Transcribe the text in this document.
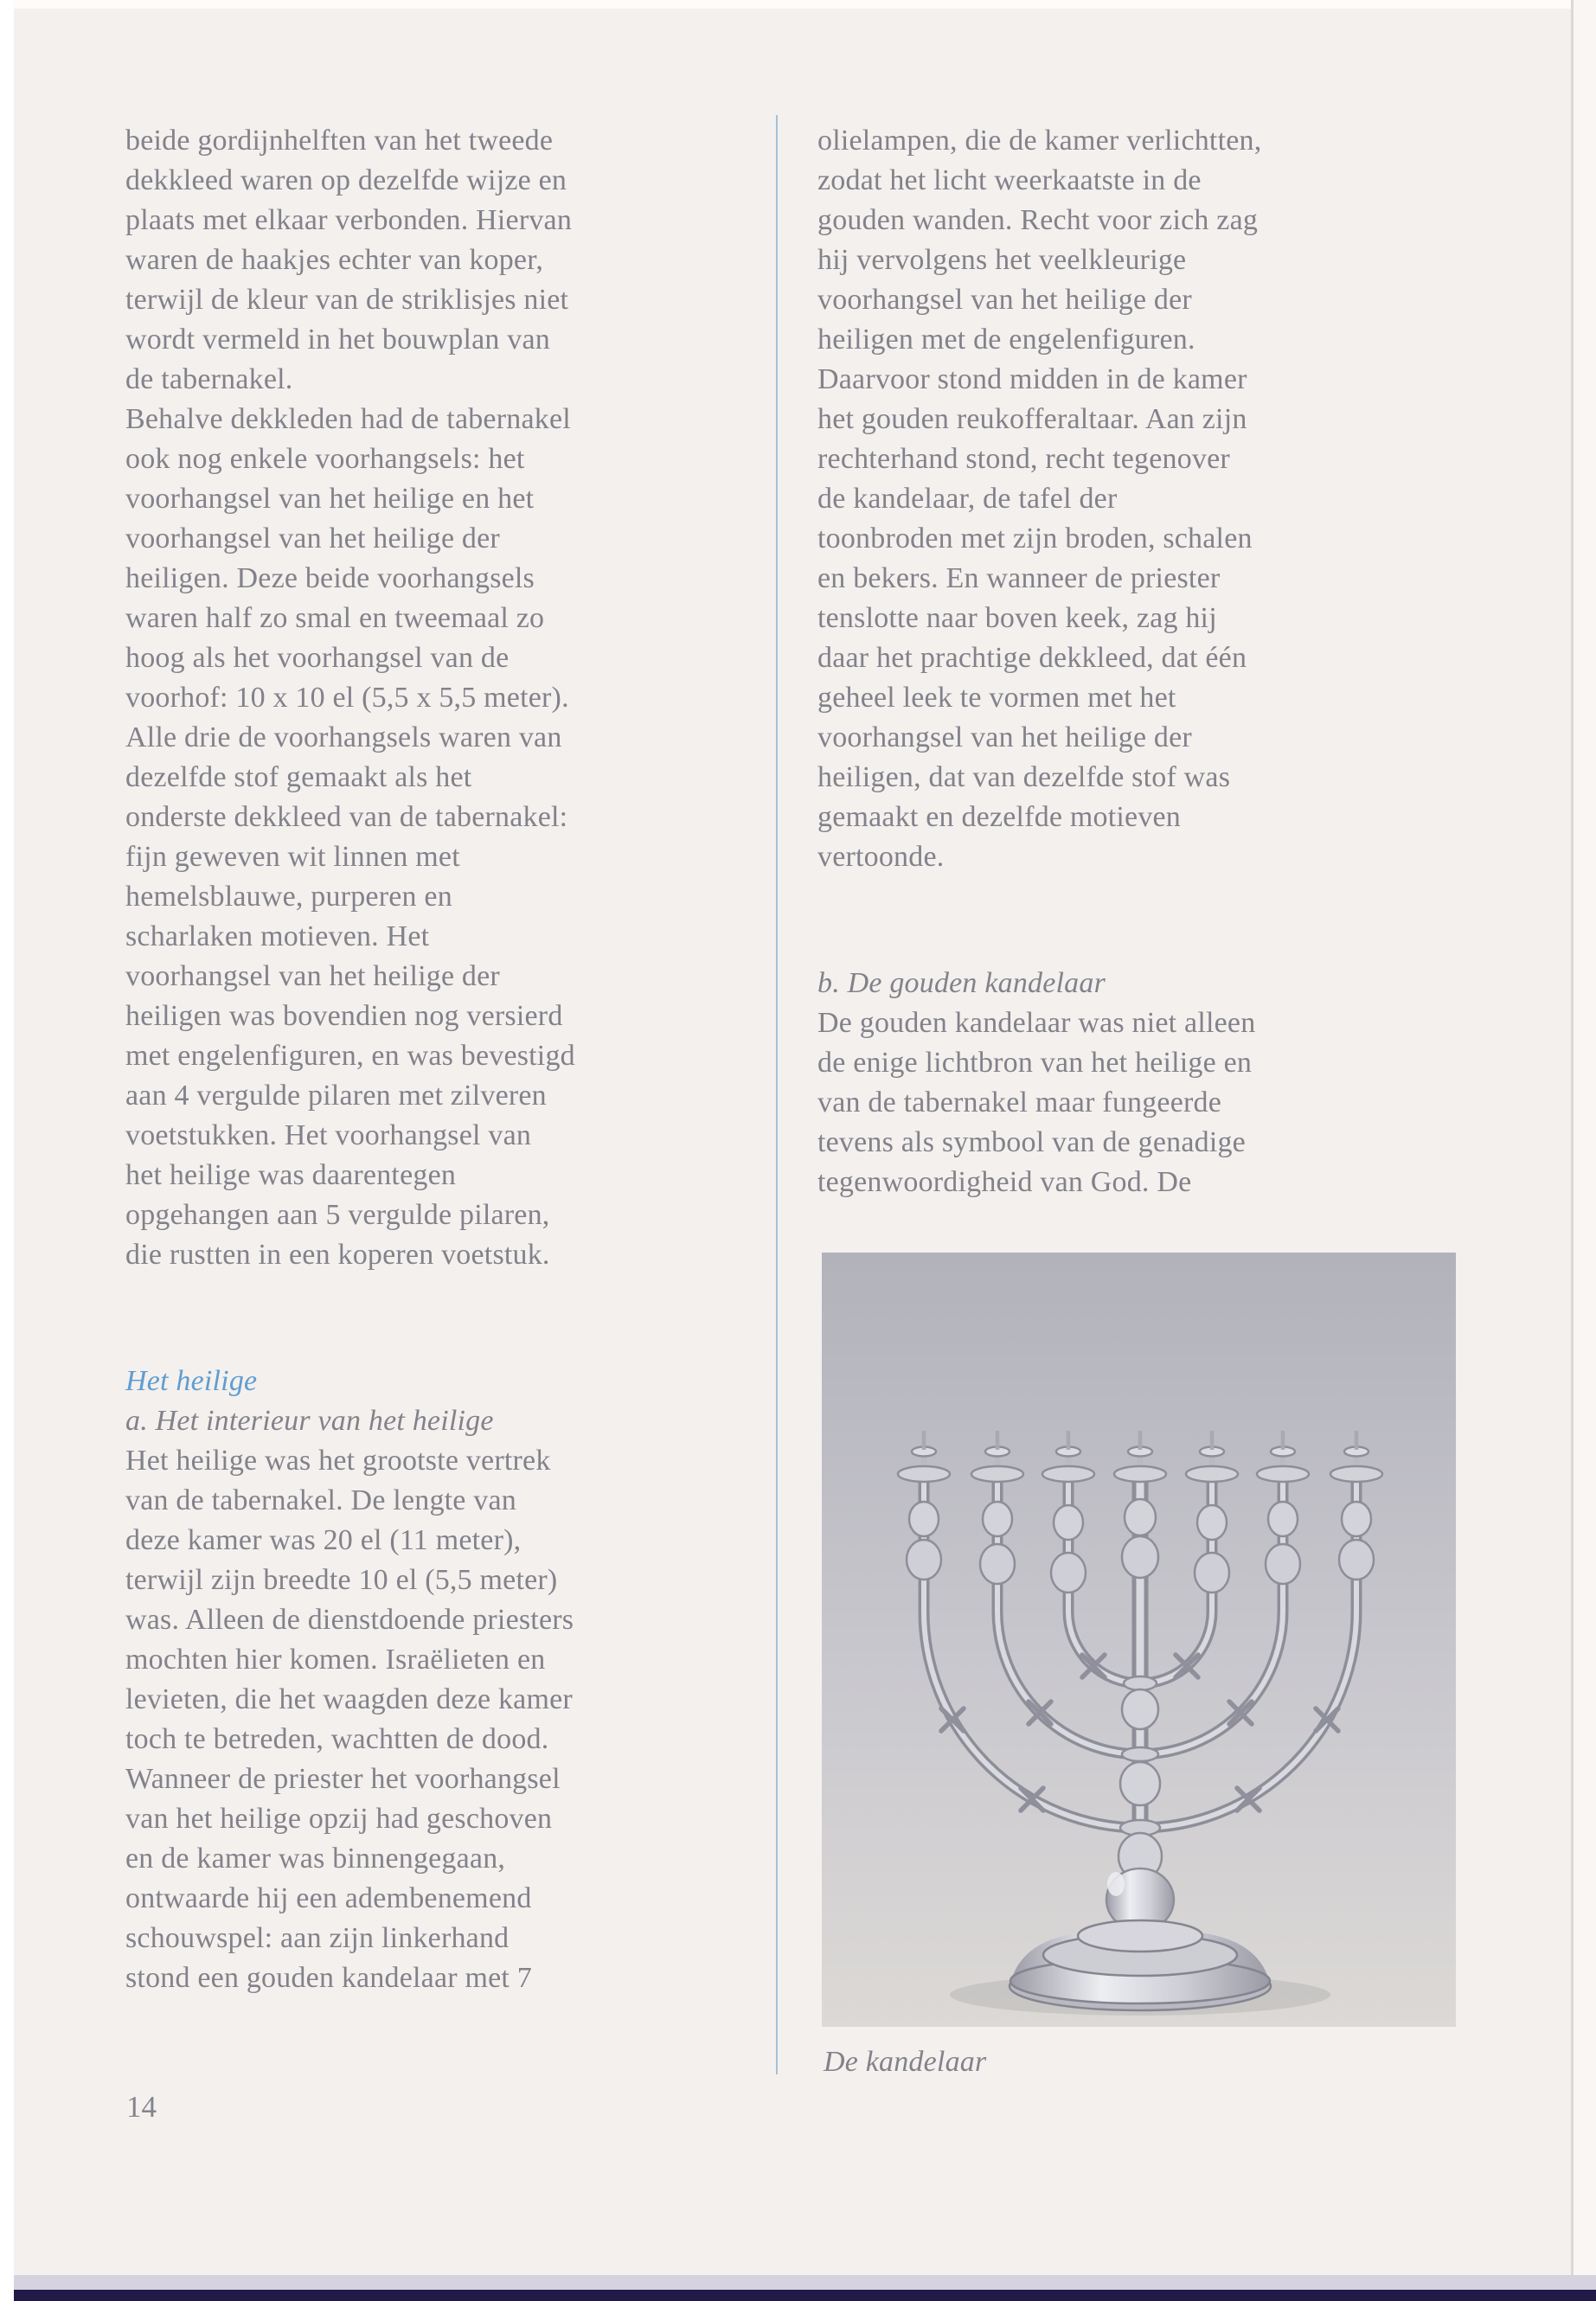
beide gordijnhelften van het tweede
dekkleed waren op dezelfde wijze en
plaats met elkaar verbonden. Hiervan
waren de haakjes echter van koper,
terwijl de kleur van de striklisjes niet
wordt vermeld in het bouwplan van
de tabernakel.
Behalve dekkleden had de tabernakel
ook nog enkele voorhangsels: het
voorhangsel van het heilige en het
voorhangsel van het heilige der
heiligen. Deze beide voorhangsels
waren half zo smal en tweemaal zo
hoog als het voorhangsel van de
voorhof: 10 x 10 el (5,5 x 5,5 meter).
Alle drie de voorhangsels waren van
dezelfde stof gemaakt als het
onderste dekkleed van de tabernakel:
fijn geweven wit linnen met
hemelsblauwe, purperen en
scharlaken motieven. Het
voorhangsel van het heilige der
heiligen was bovendien nog versierd
met engelenfiguren, en was bevestigd
aan 4 vergulde pilaren met zilveren
voetstukken. Het voorhangsel van
het heilige was daarentegen
opgehangen aan 5 vergulde pilaren,
die rustten in een koperen voetstuk.
Het heilige
a. Het interieur van het heilige
Het heilige was het grootste vertrek
van de tabernakel. De lengte van
deze kamer was 20 el (11 meter),
terwijl zijn breedte 10 el (5,5 meter)
was. Alleen de dienstdoende priesters
mochten hier komen. Israëlieten en
levieten, die het waagden deze kamer
toch te betreden, wachtten de dood.
Wanneer de priester het voorhangsel
van het heilige opzij had geschoven
en de kamer was binnengegaan,
ontwaarde hij een adembenemend
schouwspel: aan zijn linkerhand
stond een gouden kandelaar met 7
olielampen, die de kamer verlichtten,
zodat het licht weerkaatste in de
gouden wanden. Recht voor zich zag
hij vervolgens het veelkleurige
voorhangsel van het heilige der
heiligen met de engelenfiguren.
Daarvoor stond midden in de kamer
het gouden reukofferaltaar. Aan zijn
rechterhand stond, recht tegenover
de kandelaar, de tafel der
toonbroden met zijn broden, schalen
en bekers. En wanneer de priester
tenslotte naar boven keek, zag hij
daar het prachtige dekkleed, dat één
geheel leek te vormen met het
voorhangsel van het heilige der
heiligen, dat van dezelfde stof was
gemaakt en dezelfde motieven
vertoonde.
b. De gouden kandelaar
De gouden kandelaar was niet alleen
de enige lichtbron van het heilige en
van de tabernakel maar fungeerde
tevens als symbool van de genadige
tegenwoordigheid van God. De
De kandelaar
14
